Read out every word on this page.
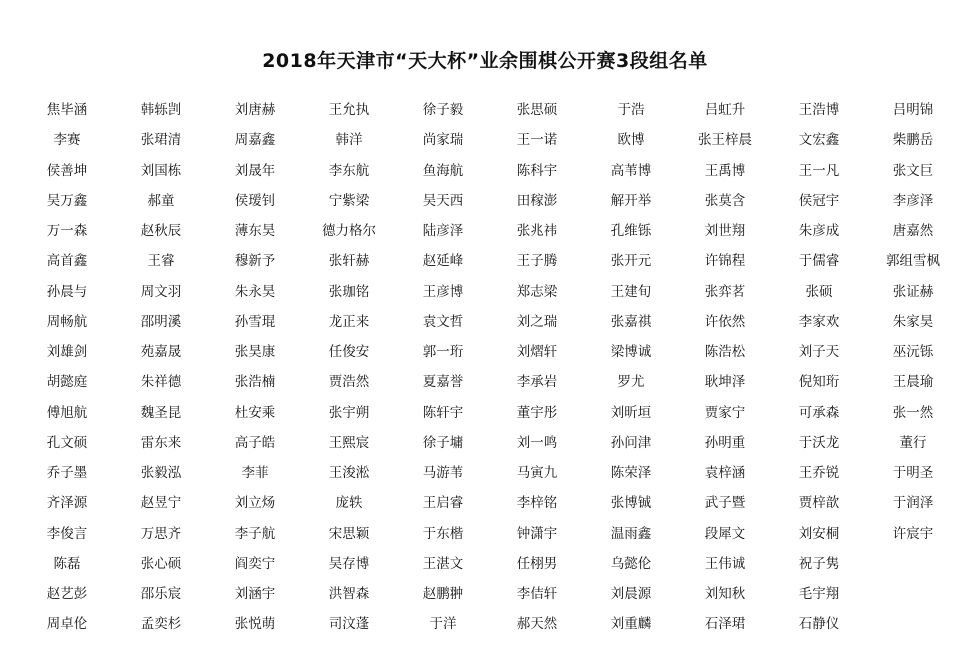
2018年天津市“天大杯”业余围棋公开赛3段组名单
焦毕涵	韩轹剀	刘唐赫	王允执	徐子毅	张思硕	于浩	吕虹升	王浩博	吕明锦
李赛	张珺清	周嘉鑫	韩洋	尚家瑞	王一诺	欧博	张王梓晨	文宏鑫	柴鹏岳
侯善坤	刘国栋	刘晟年	李东航	鱼海航	陈科宇	高苇博	王禹博	王一凡	张文巨
吴万鑫	郝童	侯瑷钊	宁紫梁	吴天西	田稼澎	解开举	张莫含	侯冠宇	李彦泽
万一森	赵秋辰	薄东昊	德力格尔	陆彦泽	张兆祎	孔维铄	刘世翔	朱彦成	唐嘉然
高首鑫	王睿	穆新予	张轩赫	赵延峰	王子腾	张开元	许锦程	于儒睿	郭组雪枫
孙晨与	周文羽	朱永昊	张珈铭	王彦博	郑志梁	王建旬	张弈茗	张硕	张证赫
周畅航	邵明溪	孙雪琨	龙正来	袁文哲	刘之瑞	张嘉祺	许依然	李家欢	朱家昊
刘雄剑	苑嘉晟	张昊康	任俊安	郭一珩	刘熠轩	梁博诚	陈浩松	刘子天	巫沅铄
胡懿庭	朱祥德	张浩楠	贾浩然	夏嘉誉	李承岩	罗尤	耿坤泽	倪知珩	王晨瑜
傅旭航	魏圣昆	杜安乘	张宇朔	陈轩宇	董宇彤	刘昕垣	贾家宁	可承森	张一然
孔文硕	雷东来	高子皓	王熙宸	徐子墉	刘一鸣	孙问津	孙明重	于沃龙	董行
乔子墨	张毅泓	李菲	王浚淞	马游苇	马寅九	陈荣泽	袁梓涵	王乔锐	于明圣
齐泽源	赵昱宁	刘立炀	庞轶	王启睿	李梓铭	张博铖	武子暨	贾梓歆	于润泽
李俊言	万思齐	李子航	宋思颖	于东楷	钟潇宇	温雨鑫	段犀文	刘安桐	许宸宇
陈磊	张心硕	阎奕宁	吴存博	王湛文	任栩男	乌懿伦	王伟诚	祝子隽
赵艺彭	邵乐宸	刘涵宇	洪智森	赵鹏翀	李佶轩	刘晨源	刘知秋	毛宇翔
周卓伦	孟奕杉	张悦萌	司汶蓬	于洋	郝天然	刘重麟	石泽珺	石静仪
